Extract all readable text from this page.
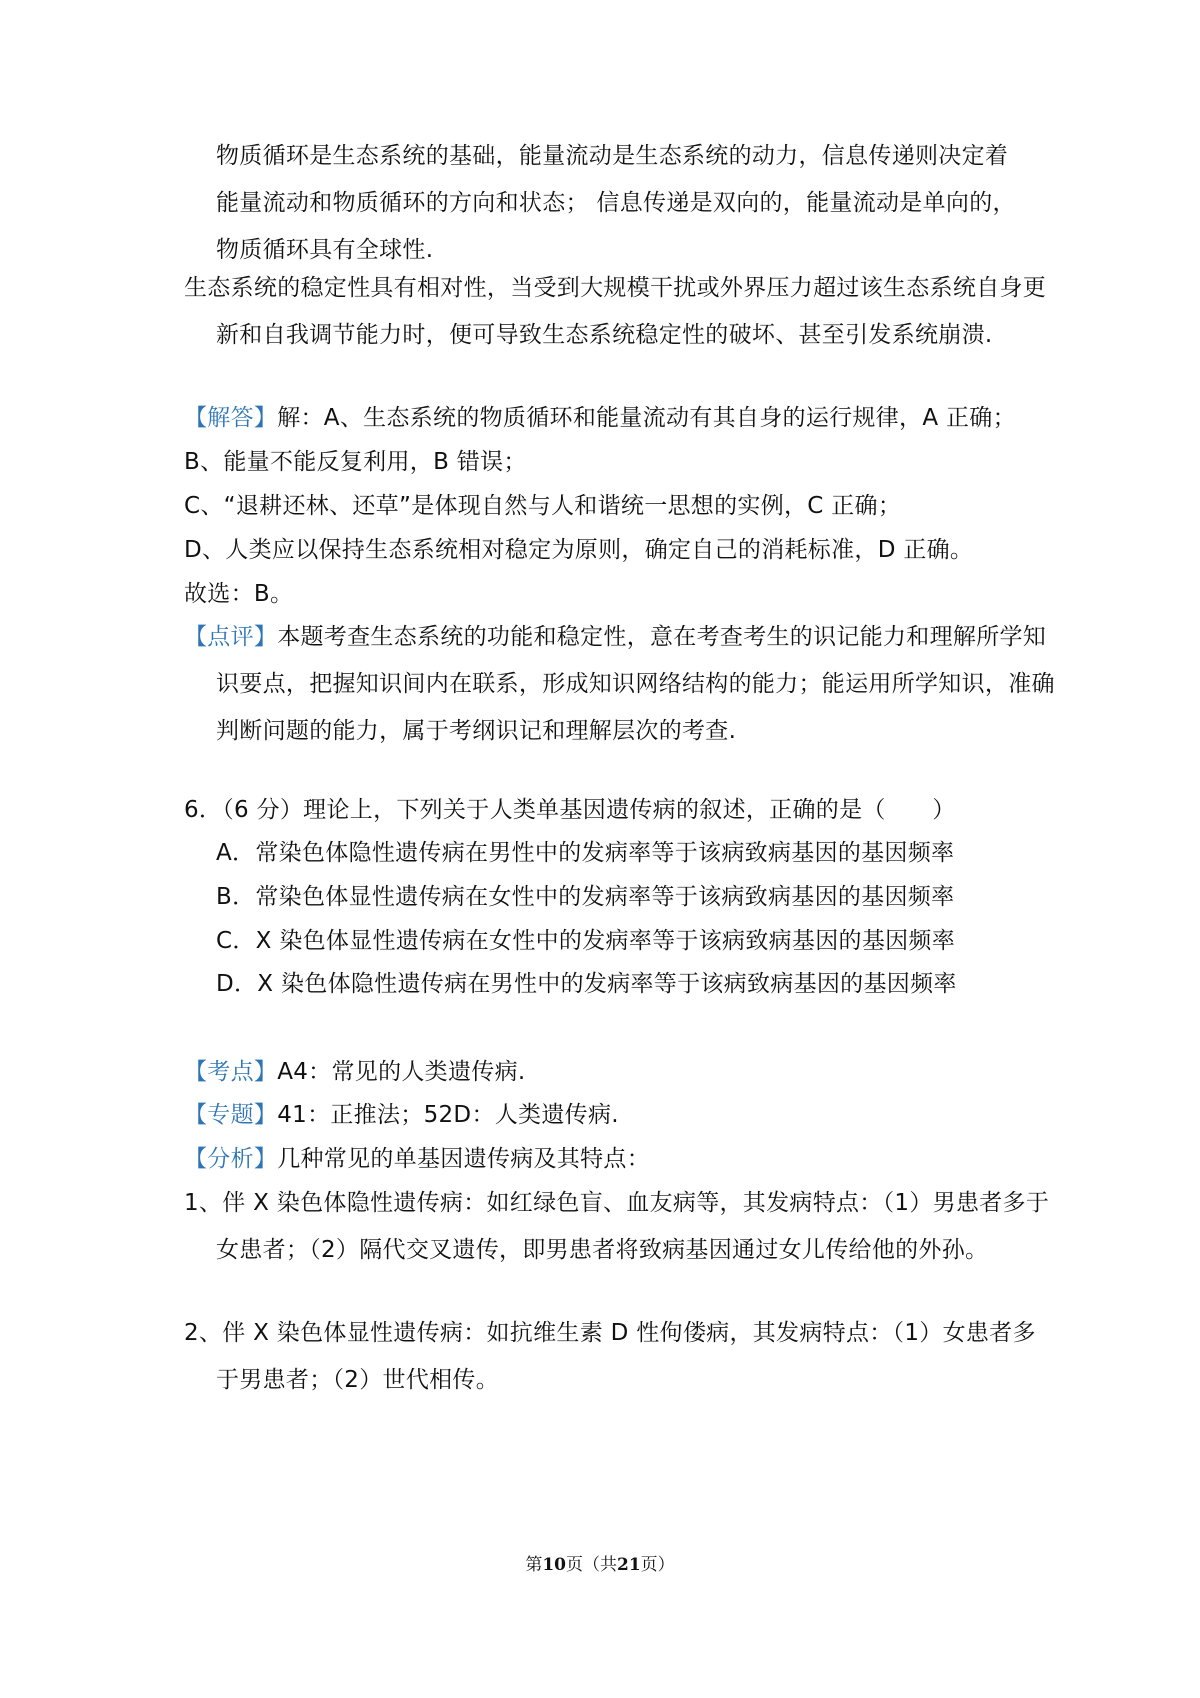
物质循环是生态系统的基础，能量流动是生态系统的动力，信息传递则决定着能量流动和物质循环的方向和状态； 信息传递是双向的，能量流动是单向的，物质循环具有全球性.
生态系统的稳定性具有相对性，当受到大规模干扰或外界压力超过该生态系统自身更新和自我调节能力时，便可导致生态系统稳定性的破坏、甚至引发系统崩溃.
【解答】解：A、生态系统的物质循环和能量流动有其自身的运行规律，A 正确；
B、能量不能反复利用，B 错误；
C、“退耕还林、还草”是体现自然与人和谐统一思想的实例，C 正确；
D、人类应以保持生态系统相对稳定为原则，确定自己的消耗标准，D 正确。
故选：B。
【点评】本题考查生态系统的功能和稳定性，意在考查考生的识记能力和理解所学知识要点，把握知识间内在联系，形成知识网络结构的能力；能运用所学知识，准确判断问题的能力，属于考纲识记和理解层次的考查.
6．（6 分）理论上，下列关于人类单基因遗传病的叙述，正确的是（　　）
A．常染色体隐性遗传病在男性中的发病率等于该病致病基因的基因频率
B．常染色体显性遗传病在女性中的发病率等于该病致病基因的基因频率
C．X 染色体显性遗传病在女性中的发病率等于该病致病基因的基因频率
D．X 染色体隐性遗传病在男性中的发病率等于该病致病基因的基因频率
【考点】A4：常见的人类遗传病.
【专题】41：正推法；52D：人类遗传病.
【分析】几种常见的单基因遗传病及其特点：
1、伴 X 染色体隐性遗传病：如红绿色盲、血友病等，其发病特点：（1）男患者多于女患者；（2）隔代交叉遗传，即男患者将致病基因通过女儿传给他的外孙。
2、伴 X 染色体显性遗传病：如抗维生素 D 性佝偻病，其发病特点：（1）女患者多于男患者；（2）世代相传。
第10页（共21页）
